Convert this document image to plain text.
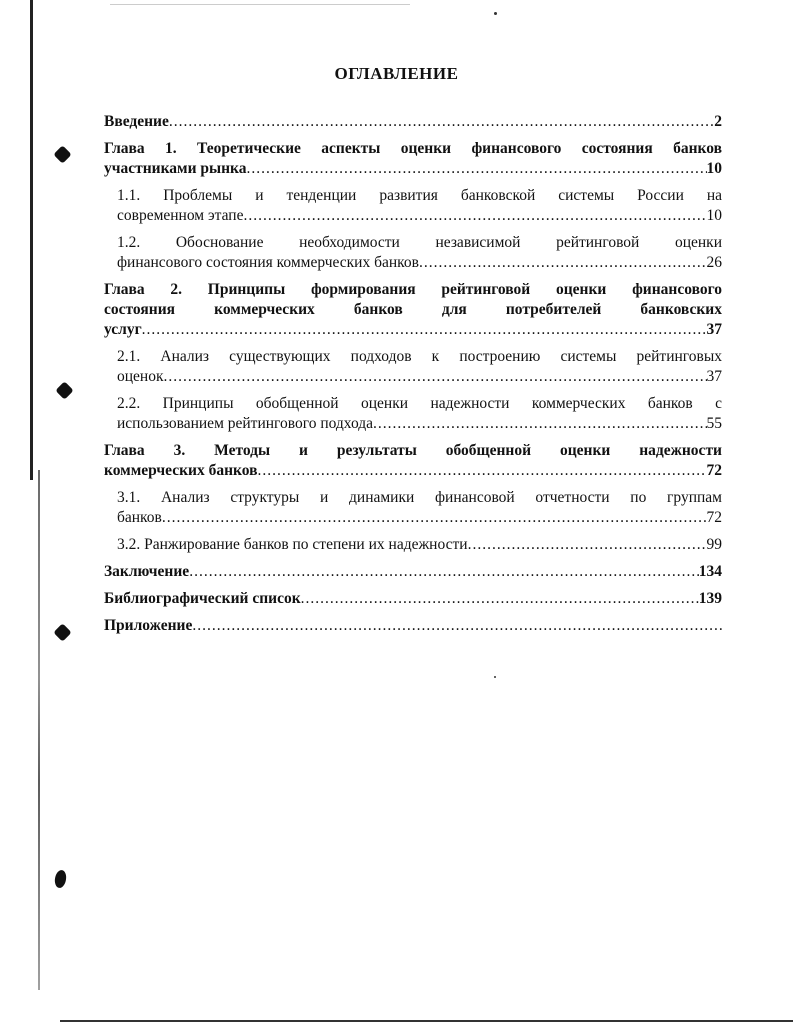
ОГЛАВЛЕНИЕ
Введение .....	2
Глава 1. Теоретические аспекты оценки финансового состояния банков
участниками рынка .....	10
1.1. Проблемы и тенденции развития банковской системы России на
современном этапе .....	10
1.2. Обоснование необходимости независимой рейтинговой оценки
финансового состояния коммерческих банков .....	26
Глава 2. Принципы формирования рейтинговой оценки финансового
состояния коммерческих банков для потребителей банковских
услуг .....	37
2.1. Анализ существующих подходов к построению системы рейтинговых
оценок .....	37
2.2. Принципы обобщенной оценки надежности коммерческих банков с
использованием рейтингового подхода .....	55
Глава 3. Методы и результаты обобщенной оценки надежности
коммерческих банков .....	72
3.1. Анализ структуры и динамики финансовой отчетности по группам
банков .....	72
3.2. Ранжирование банков по степени их надежности .....	99
Заключение .....	134
Библиографический список .....	139
Приложение
.....
